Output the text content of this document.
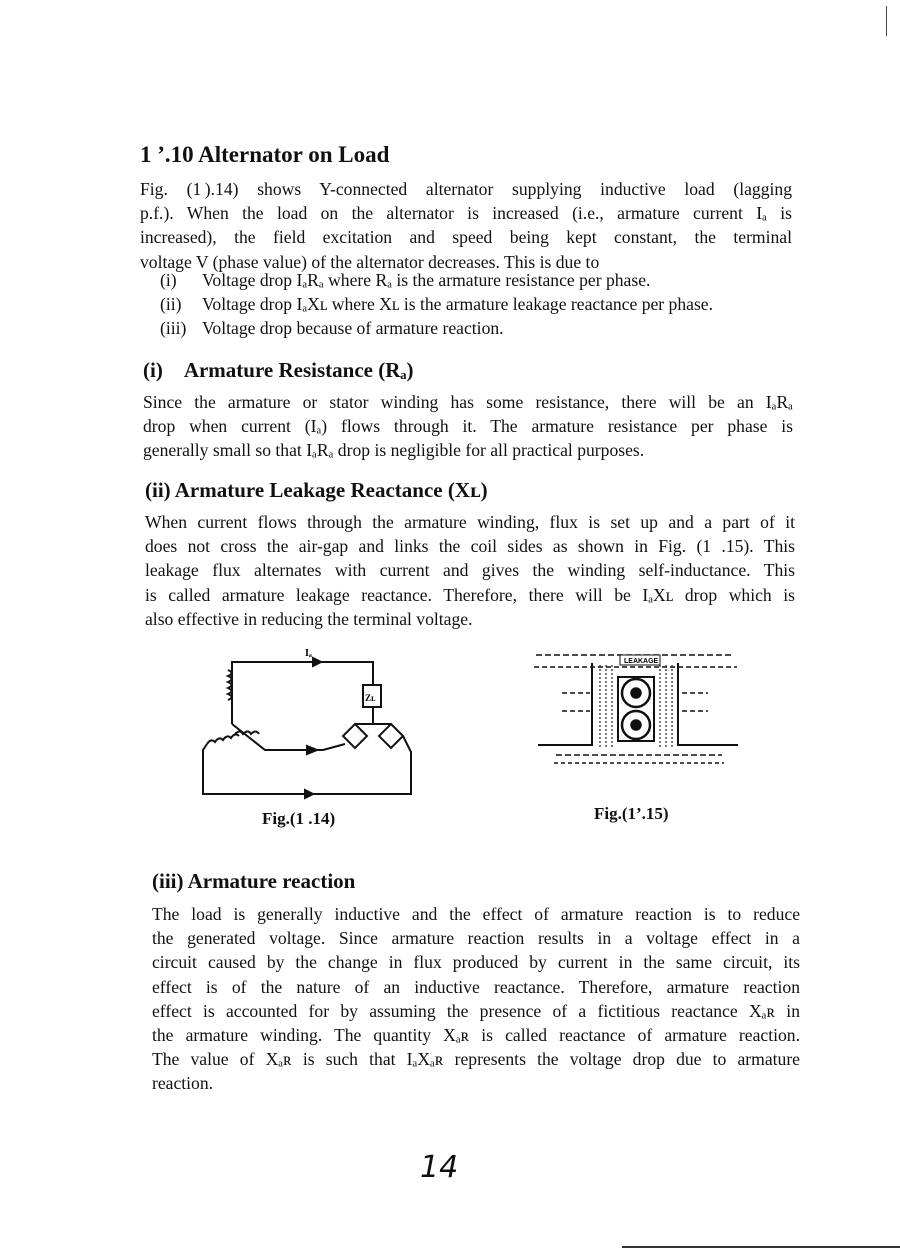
1 ’.10 Alternator on Load
Fig. (1 ).14) shows Y-connected alternator supplying inductive load (lagging
p.f.). When the load on the alternator is increased (i.e., armature current Iₐ is
increased), the field excitation and speed being kept constant, the terminal
voltage V (phase value) of the alternator decreases. This is due to
(i) Voltage drop IₐRₐ where Rₐ is the armature resistance per phase.
(ii) Voltage drop IₐXʟ where Xʟ is the armature leakage reactance per phase.
(iii) Voltage drop because of armature reaction.
(i) Armature Resistance (Rₐ)
Since the armature or stator winding has some resistance, there will be an IₐRₐ
drop when current (Iₐ) flows through it. The armature resistance per phase is
generally small so that IₐRₐ drop is negligible for all practical purposes.
(ii) Armature Leakage Reactance (Xʟ)
When current flows through the armature winding, flux is set up and a part of it
does not cross the air-gap and links the coil sides as shown in Fig. (1 .15). This
leakage flux alternates with current and gives the winding self-inductance. This
is called armature leakage reactance. Therefore, there will be IₐXʟ drop which is
also effective in reducing the terminal voltage.
Iₐ
Zʟ
LEAKAGE
Fig.(1 .14)	Fig.(1’.15)
(iii) Armature reaction
The load is generally inductive and the effect of armature reaction is to reduce
the generated voltage. Since armature reaction results in a voltage effect in a
circuit caused by the change in flux produced by current in the same circuit, its
effect is of the nature of an inductive reactance. Therefore, armature reaction
effect is accounted for by assuming the presence of a fictitious reactance Xₐʀ in
the armature winding. The quantity Xₐʀ is called reactance of armature reaction.
The value of Xₐʀ is such that IₐXₐʀ represents the voltage drop due to armature
reaction.
14
